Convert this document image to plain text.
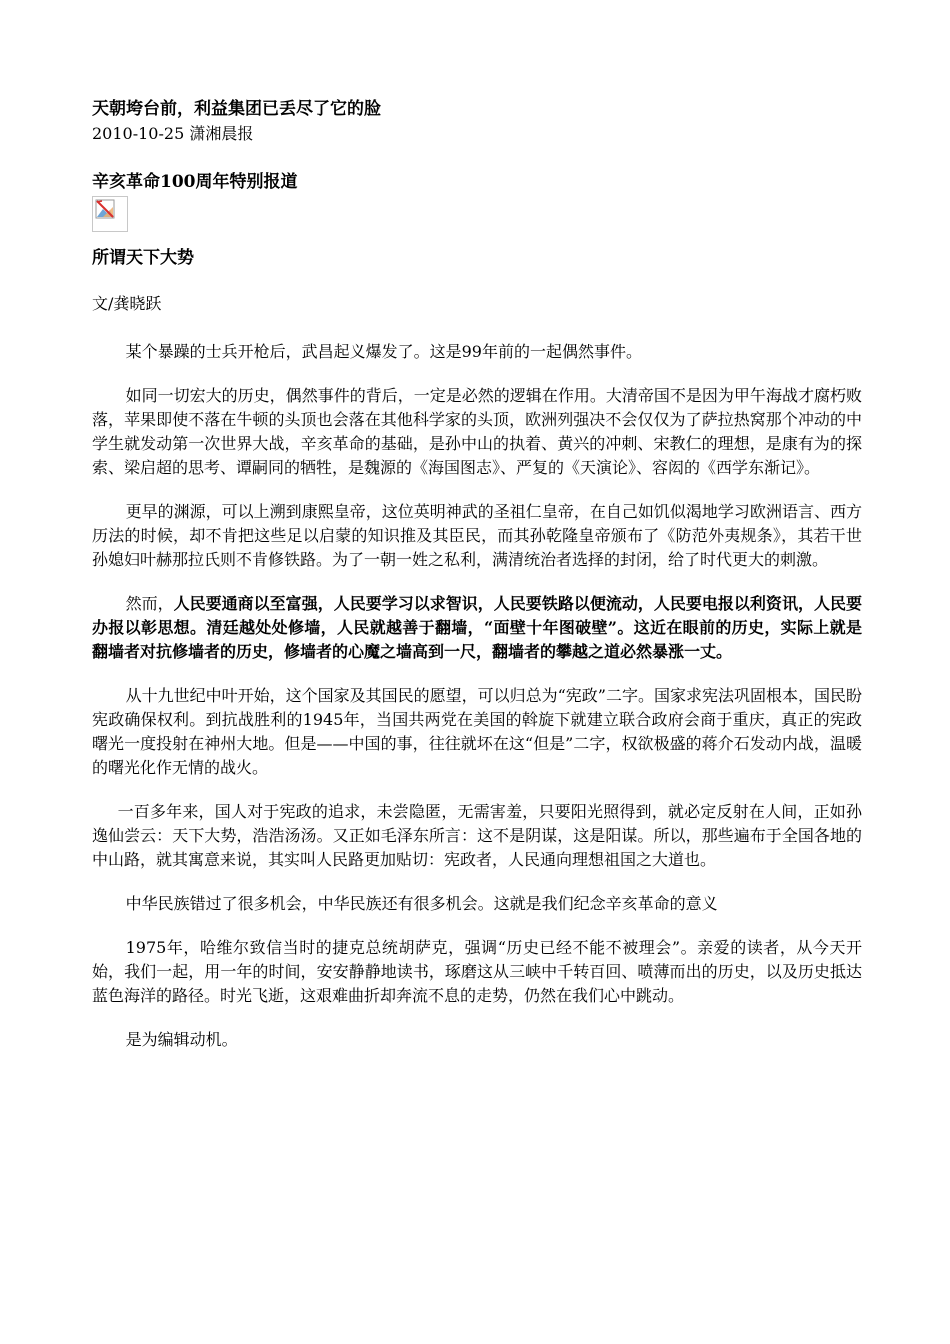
天朝垮台前，利益集团已丢尽了它的脸
2010-10-25 潇湘晨报
辛亥革命100周年特别报道
所谓天下大势
文/龚晓跃

某个暴躁的士兵开枪后，武昌起义爆发了。这是99年前的一起偶然事件。

如同一切宏大的历史，偶然事件的背后，一定是必然的逻辑在作用。大清帝国不是因为甲午海战才腐朽败落，苹果即使不落在牛顿的头顶也会落在其他科学家的头顶，欧洲列强决不会仅仅为了萨拉热窝那个冲动的中学生就发动第一次世界大战，辛亥革命的基础，是孙中山的执着、黄兴的冲刺、宋教仁的理想，是康有为的探索、梁启超的思考、谭嗣同的牺牲，是魏源的《海国图志》、严复的《天演论》、容闳的《西学东渐记》。

更早的渊源，可以上溯到康熙皇帝，这位英明神武的圣祖仁皇帝，在自己如饥似渴地学习欧洲语言、西方历法的时候，却不肯把这些足以启蒙的知识推及其臣民，而其孙乾隆皇帝颁布了《防范外夷规条》，其若干世孙媳妇叶赫那拉氏则不肯修铁路。为了一朝一姓之私利，满清统治者选择的封闭，给了时代更大的刺激。

然而，人民要通商以至富强，人民要学习以求智识，人民要铁路以便流动，人民要电报以利资讯，人民要办报以彰思想。清廷越处处修墙，人民就越善于翻墙，“面壁十年图破壁”。这近在眼前的历史，实际上就是翻墙者对抗修墙者的历史，修墙者的心魔之墙高到一尺，翻墙者的攀越之道必然暴涨一丈。

从十九世纪中叶开始，这个国家及其国民的愿望，可以归总为“宪政”二字。国家求宪法巩固根本，国民盼宪政确保权利。到抗战胜利的1945年，当国共两党在美国的斡旋下就建立联合政府会商于重庆，真正的宪政曙光一度投射在神州大地。但是——中国的事，往往就坏在这“但是”二字，权欲极盛的蒋介石发动内战，温暖的曙光化作无情的战火。

一百多年来，国人对于宪政的追求，未尝隐匿，无需害羞，只要阳光照得到，就必定反射在人间，正如孙逸仙尝云：天下大势，浩浩汤汤。又正如毛泽东所言：这不是阴谋，这是阳谋。所以，那些遍布于全国各地的中山路，就其寓意来说，其实叫人民路更加贴切：宪政者，人民通向理想祖国之大道也。

中华民族错过了很多机会，中华民族还有很多机会。这就是我们纪念辛亥革命的意义

1975年，哈维尔致信当时的捷克总统胡萨克，强调“历史已经不能不被理会”。亲爱的读者，从今天开始，我们一起，用一年的时间，安安静静地读书，琢磨这从三峡中千转百回、喷薄而出的历史，以及历史抵达蓝色海洋的路径。时光飞逝，这艰难曲折却奔流不息的走势，仍然在我们心中跳动。

是为编辑动机。
